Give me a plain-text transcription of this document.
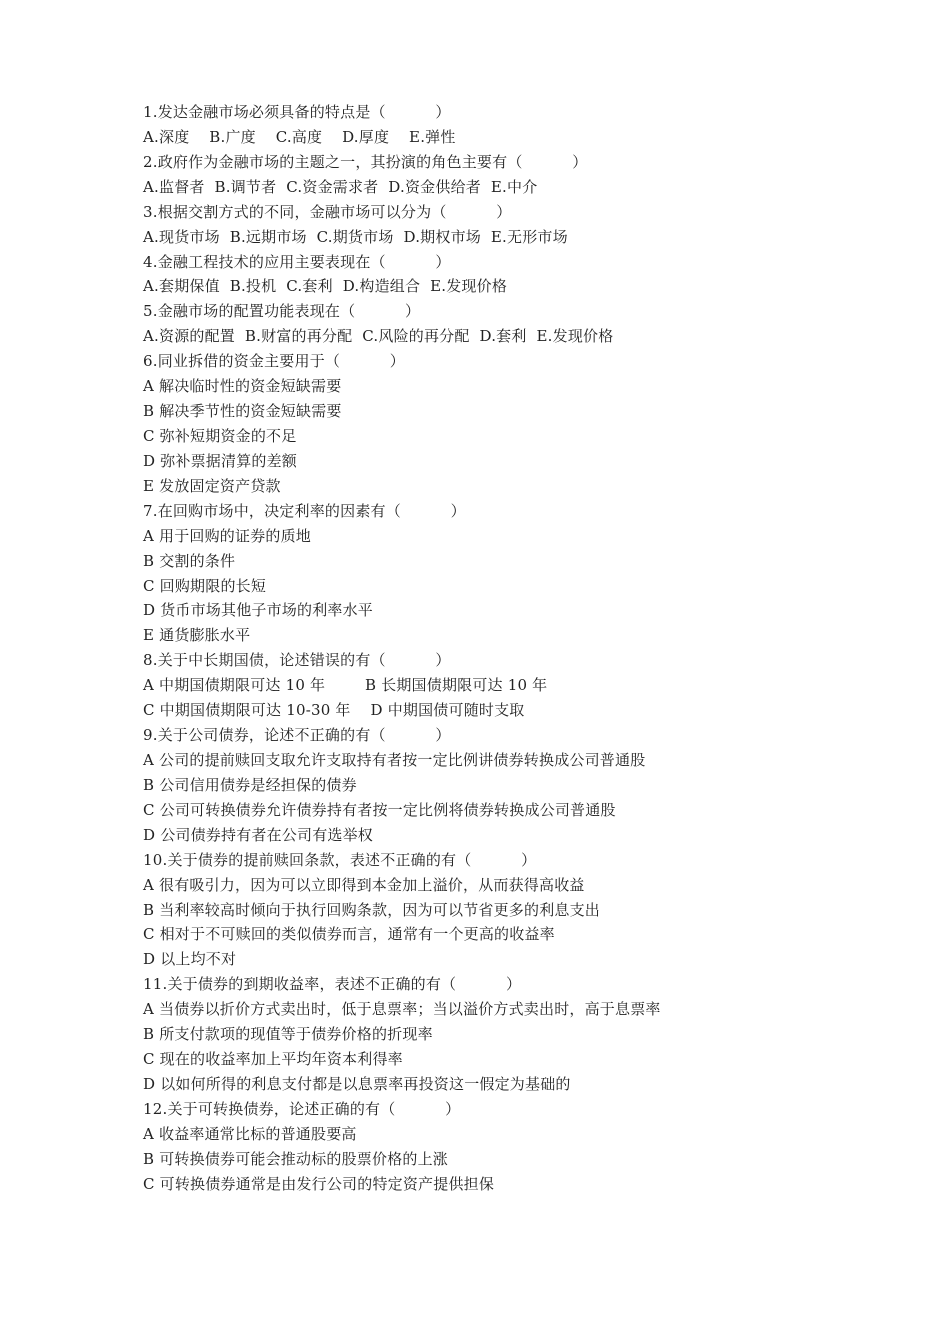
1.发达金融市场必须具备的特点是（          ）
A.深度    B.广度    C.高度    D.厚度    E.弹性
2.政府作为金融市场的主题之一，其扮演的角色主要有（          ）
A.监督者  B.调节者  C.资金需求者  D.资金供给者  E.中介
3.根据交割方式的不同，金融市场可以分为（          ）
A.现货市场  B.远期市场  C.期货市场  D.期权市场  E.无形市场
4.金融工程技术的应用主要表现在（          ）
A.套期保值  B.投机  C.套利  D.构造组合  E.发现价格
5.金融市场的配置功能表现在（          ）
A.资源的配置  B.财富的再分配  C.风险的再分配  D.套利  E.发现价格
6.同业拆借的资金主要用于（          ）
A 解决临时性的资金短缺需要
B 解决季节性的资金短缺需要
C 弥补短期资金的不足
D 弥补票据清算的差额
E 发放固定资产贷款
7.在回购市场中，决定利率的因素有（          ）
A 用于回购的证券的质地
B 交割的条件
C 回购期限的长短
D 货币市场其他子市场的利率水平
E 通货膨胀水平
8.关于中长期国债，论述错误的有（          ）
A 中期国债期限可达 10 年        B 长期国债期限可达 10 年
C 中期国债期限可达 10-30 年    D 中期国债可随时支取
9.关于公司债券，论述不正确的有（          ）
A 公司的提前赎回支取允许支取持有者按一定比例讲债券转换成公司普通股
B 公司信用债券是经担保的债券
C 公司可转换债券允许债券持有者按一定比例将债券转换成公司普通股
D 公司债券持有者在公司有选举权
10.关于债券的提前赎回条款，表述不正确的有（          ）
A 很有吸引力，因为可以立即得到本金加上溢价，从而获得高收益
B 当利率较高时倾向于执行回购条款，因为可以节省更多的利息支出
C 相对于不可赎回的类似债券而言，通常有一个更高的收益率
D 以上均不对
11.关于债券的到期收益率，表述不正确的有（          ）
A 当债券以折价方式卖出时，低于息票率；当以溢价方式卖出时，高于息票率
B 所支付款项的现值等于债券价格的折现率
C 现在的收益率加上平均年资本利得率
D 以如何所得的利息支付都是以息票率再投资这一假定为基础的
12.关于可转换债券，论述正确的有（          ）
A 收益率通常比标的普通股要高
B 可转换债券可能会推动标的股票价格的上涨
C 可转换债券通常是由发行公司的特定资产提供担保
